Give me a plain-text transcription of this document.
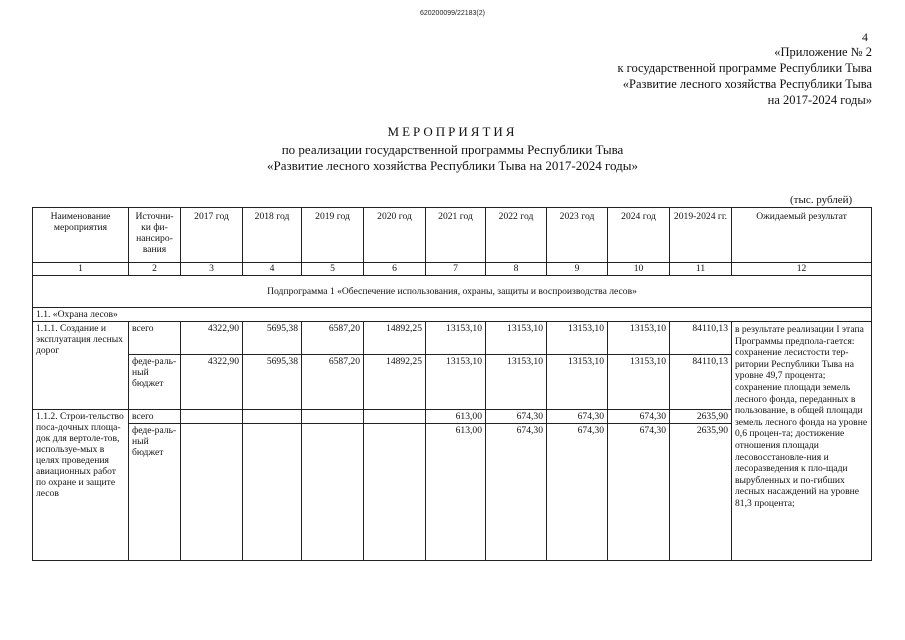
620200099/22183(2)
4
«Приложение № 2
к государственной программе Республики Тыва
«Развитие лесного хозяйства Республики Тыва
на 2017-2024 годы»
МЕРОПРИЯТИЯ
по реализации государственной программы Республики Тыва
«Развитие лесного хозяйства Республики Тыва на 2017-2024 годы»
(тыс. рублей)
Наименование мероприятия	Источни-ки фи-нансиро-вания	2017 год	2018 год	2019 год	2020 год	2021 год	2022 год	2023 год	2024 год	2019-2024 гг.	Ожидаемый результат
1	2	3	4	5	6	7	8	9	10	11	12
Подпрограмма 1 «Обеспечение использования, охраны, защиты и воспроизводства лесов»											
1.1. «Охрана лесов»											
1.1.1. Создание и эксплуатация лесных дорог	всего	4322,90	5695,38	6587,20	14892,25	13153,10	13153,10	13153,10	13153,10	84110,13	в результате реализации I этапа Программы предпола-гается: сохранение лесистости тер-ритории Республики Тыва на уровне 49,7 процента; сохранение площади земель лесного фонда, переданных в пользование, в общей площади земель лесного фонда на уровне 0,6 процен-та; достижение отношения площади лесовосстановле-ния и лесоразведения к пло-щади вырубленных и по-гибших лесных насаждений на уровне 81,3 процента;
	феде-раль-ный бюджет	4322,90	5695,38	6587,20	14892,25	13153,10	13153,10	13153,10	13153,10	84110,13	
1.1.2. Строи-тельство поса-дочных площа-док для вертоле-тов, используе-мых в целях проведения авиационных работ по охране и защите лесов	всего					613,00	674,30	674,30	674,30	2635,90	
	феде-раль-ный бюджет					613,00	674,30	674,30	674,30	2635,90	
